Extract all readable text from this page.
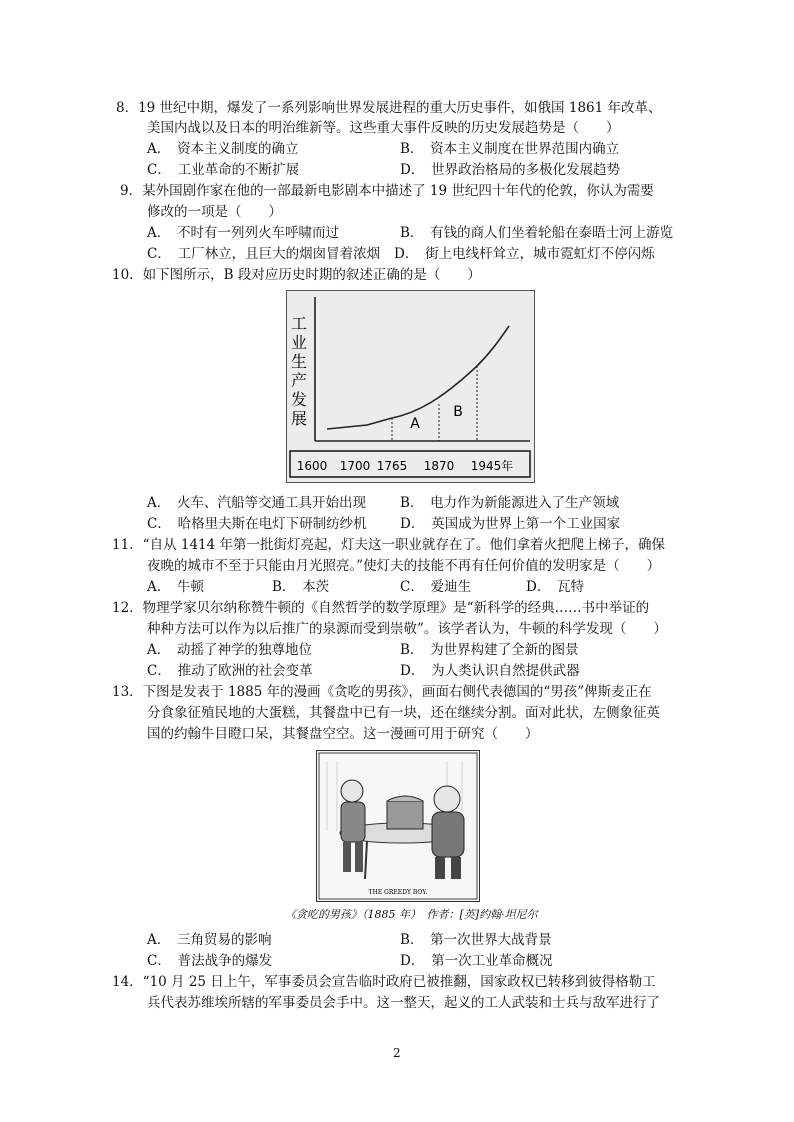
8．19 世纪中期，爆发了一系列影响世界发展进程的重大历史事件，如俄国 1861 年改革、
美国内战以及日本的明治维新等。这些重大事件反映的历史发展趋势是（　　）
A．　资本主义制度的确立	B．　资本主义制度在世界范围内确立
C．　工业革命的不断扩展	D．　世界政治格局的多极化发展趋势
9．某外国剧作家在他的一部最新电影剧本中描述了 19 世纪四十年代的伦敦，你认为需要
修改的一项是（　　）
A．　不时有一列列火车呼啸而过	B．　有钱的商人们坐着轮船在泰晤士河上游览
C．　工厂林立，且巨大的烟囱冒着浓烟 D．　街上电线杆耸立，城市霓虹灯不停闪烁
10．如下图所示，B 段对应历史时期的叙述正确的是（　　）
工
业
生
产
发
展	A
B
1600 1700 1765 1870 1945年
A．　火车、汽船等交通工具开始出现	B．　电力作为新能源进入了生产领域
C．　哈格里夫斯在电灯下研制纺纱机 D．　英国成为世界上第一个工业国家
11．“自从 1414 年第一批街灯亮起，灯夫这一职业就存在了。他们拿着火把爬上梯子，确保
夜晚的城市不至于只能由月光照亮。”使灯夫的技能不再有任何价值的发明家是（　　）
A．　牛顿	B．　本茨	C．　爱迪生	D．　瓦特
12．物理学家贝尔纳称赞牛顿的《自然哲学的数学原理》是“新科学的经典……书中举证的
种种方法可以作为以后推广的泉源而受到崇敬”。该学者认为，牛顿的科学发现（　　）
A．　动摇了神学的独尊地位	B．　为世界构建了全新的图景
C．　推动了欧洲的社会变革	D．　为人类认识自然提供武器
13．下图是发表于 1885 年的漫画《贪吃的男孩》，画面右侧代表德国的“男孩”俾斯麦正在
分食象征殖民地的大蛋糕，其餐盘中已有一块，还在继续分割。面对此状，左侧象征英
国的约翰牛目瞪口呆，其餐盘空空。这一漫画可用于研究（　　）
THE GREEDY BOY.
《贪吃的男孩》（1885 年）　作者：[英]约翰·坦尼尔
A．　三角贸易的影响	B．　第一次世界大战背景
C．　普法战争的爆发	D．　第一次工业革命概况
14．“10 月 25 日上午，军事委员会宣告临时政府已被推翻，国家政权已转移到彼得格勒工
兵代表苏维埃所辖的军事委员会手中。这一整天，起义的工人武装和士兵与敌军进行了
2
